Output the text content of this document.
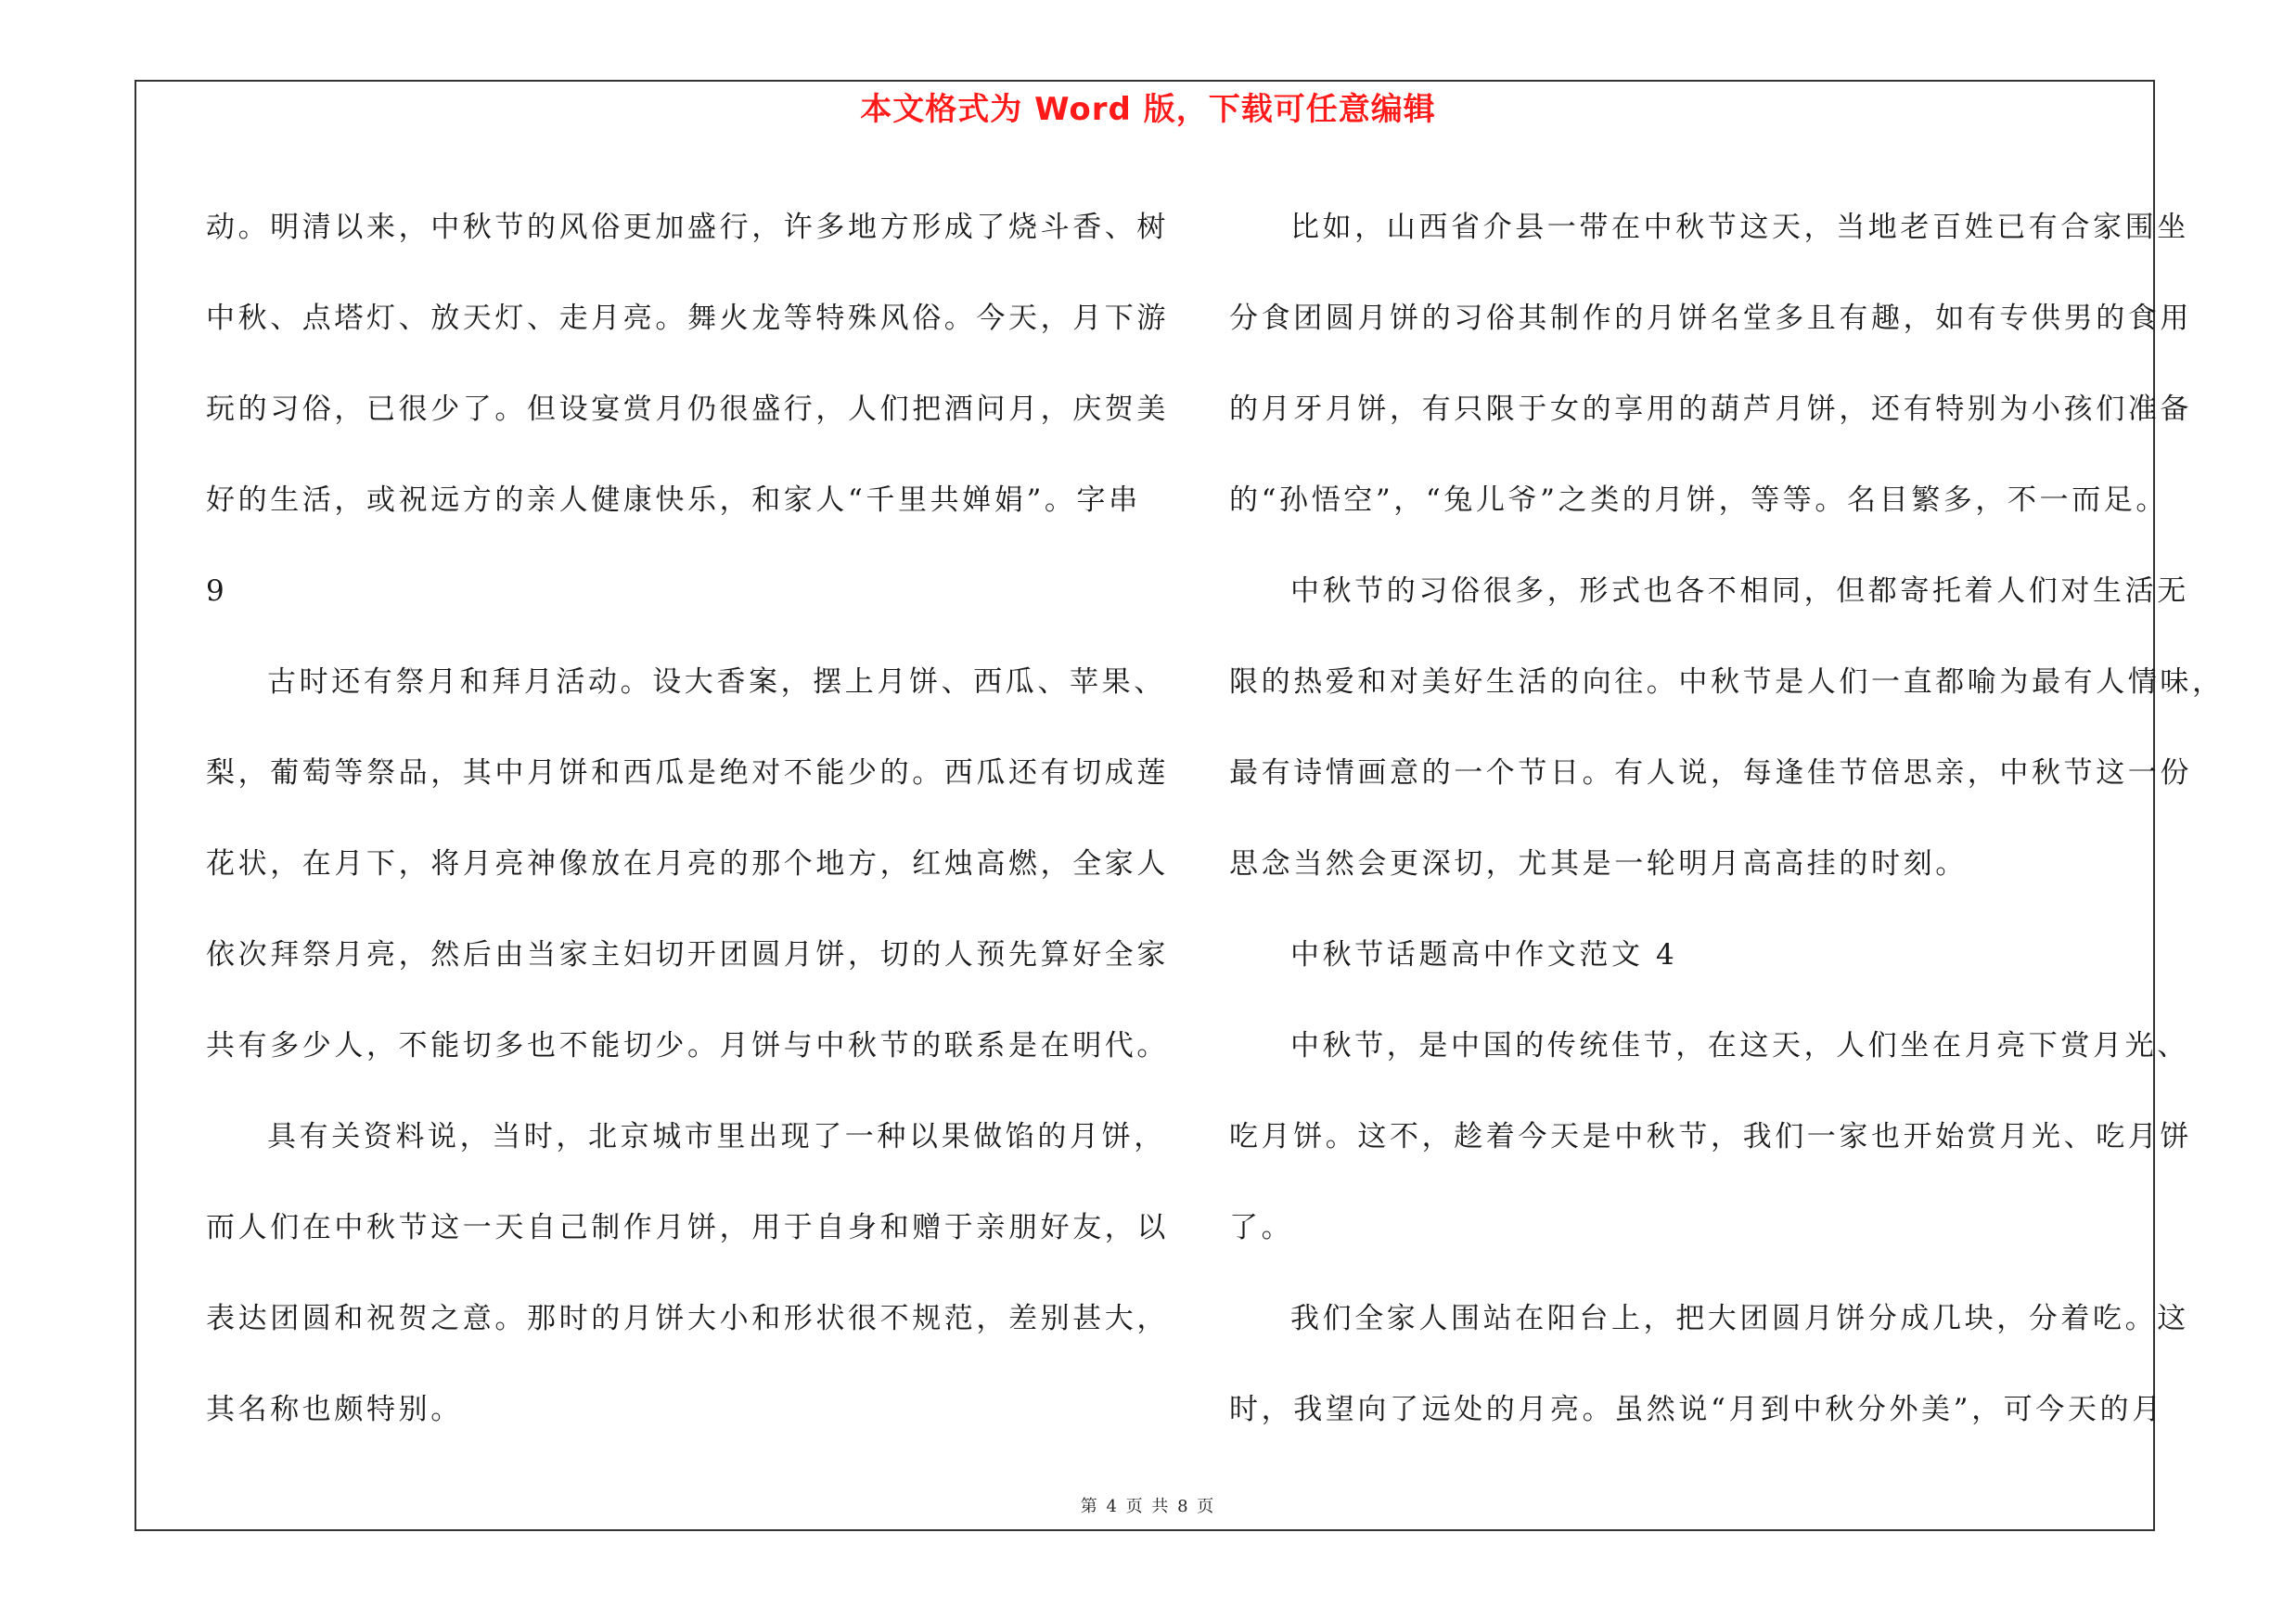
本文格式为 Word 版，下载可任意编辑
动。明清以来，中秋节的风俗更加盛行，许多地方形成了烧斗香、树
中秋、点塔灯、放天灯、走月亮。舞火龙等特殊风俗。今天，月下游
玩的习俗，已很少了。但设宴赏月仍很盛行，人们把酒问月，庆贺美
好的生活，或祝远方的亲人健康快乐，和家人“千里共婵娟”。字串
9
古时还有祭月和拜月活动。设大香案，摆上月饼、西瓜、苹果、
梨，葡萄等祭品，其中月饼和西瓜是绝对不能少的。西瓜还有切成莲
花状，在月下，将月亮神像放在月亮的那个地方，红烛高燃，全家人
依次拜祭月亮，然后由当家主妇切开团圆月饼，切的人预先算好全家
共有多少人，不能切多也不能切少。月饼与中秋节的联系是在明代。
具有关资料说，当时，北京城市里出现了一种以果做馅的月饼，
而人们在中秋节这一天自己制作月饼，用于自身和赠于亲朋好友，以
表达团圆和祝贺之意。那时的月饼大小和形状很不规范，差别甚大，
其名称也颇特别。
比如，山西省介县一带在中秋节这天，当地老百姓已有合家围坐
分食团圆月饼的习俗其制作的月饼名堂多且有趣，如有专供男的食用
的月牙月饼，有只限于女的享用的葫芦月饼，还有特别为小孩们准备
的“孙悟空”，“兔儿爷”之类的月饼，等等。名目繁多，不一而足。
中秋节的习俗很多，形式也各不相同，但都寄托着人们对生活无
限的热爱和对美好生活的向往。中秋节是人们一直都喻为最有人情味，
最有诗情画意的一个节日。有人说，每逢佳节倍思亲，中秋节这一份
思念当然会更深切，尤其是一轮明月高高挂的时刻。
中秋节话题高中作文范文 4
中秋节，是中国的传统佳节，在这天，人们坐在月亮下赏月光、
吃月饼。这不，趁着今天是中秋节，我们一家也开始赏月光、吃月饼
了。
我们全家人围站在阳台上，把大团圆月饼分成几块，分着吃。这
时，我望向了远处的月亮。虽然说“月到中秋分外美”，可今天的月
第 4 页 共 8 页
